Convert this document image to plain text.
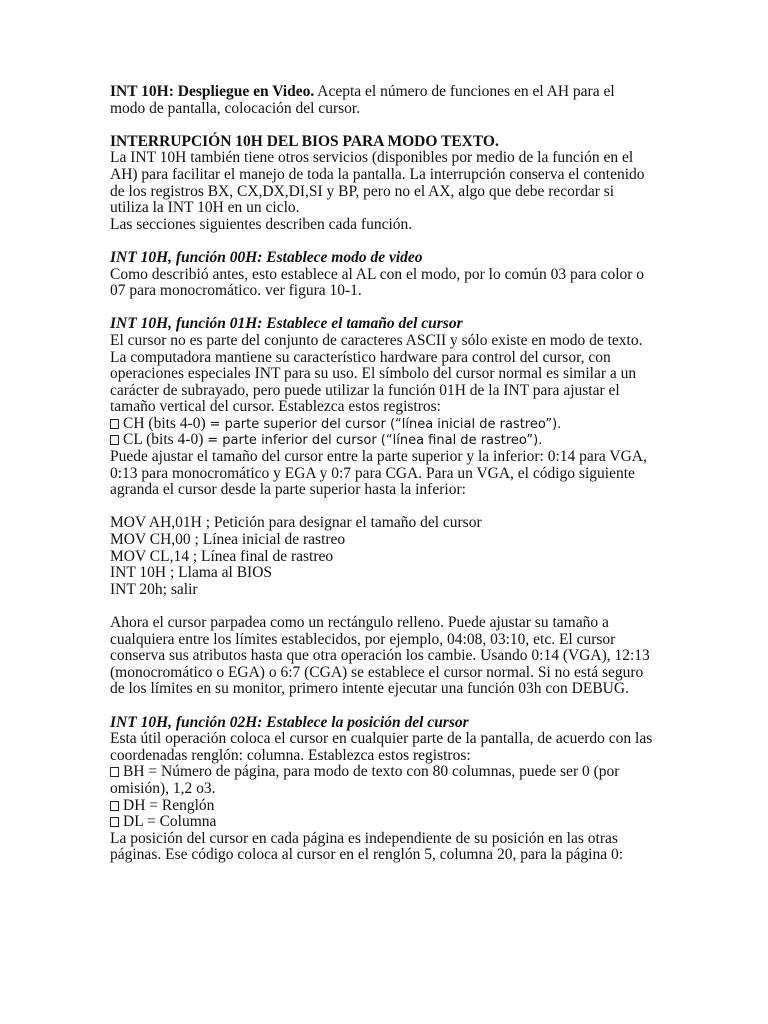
INT 10H: Despliegue en Video. Acepta el número de funciones en el AH para el
modo de pantalla, colocación del cursor.
INTERRUPCIÓN 10H DEL BIOS PARA MODO TEXTO.
La INT 10H también tiene otros servicios (disponibles por medio de la función en el
AH) para facilitar el manejo de toda la pantalla. La interrupción conserva el contenido
de los registros BX, CX,DX,DI,SI y BP, pero no el AX, algo que debe recordar si
utiliza la INT 10H en un ciclo.
Las secciones siguientes describen cada función.
INT 10H, función 00H: Establece modo de video
Como describió antes, esto establece al AL con el modo, por lo común 03 para color o
07 para monocromático. ver figura 10-1.
INT 10H, función 01H: Establece el tamaño del cursor
El cursor no es parte del conjunto de caracteres ASCII y sólo existe en modo de texto.
La computadora mantiene su característico hardware para control del cursor, con
operaciones especiales INT para su uso. El símbolo del cursor normal es similar a un
carácter de subrayado, pero puede utilizar la función 01H de la INT para ajustar el
tamaño vertical del cursor. Establezca estos registros:
CH (bits 4-0) = parte superior del cursor (“línea inicial de rastreo”).
CL (bits 4-0) = parte inferior del cursor (“línea final de rastreo”).
Puede ajustar el tamaño del cursor entre la parte superior y la inferior: 0:14 para VGA,
0:13 para monocromático y EGA y 0:7 para CGA. Para un VGA, el código siguiente
agranda el cursor desde la parte superior hasta la inferior:
MOV AH,01H ; Petición para designar el tamaño del cursor
MOV CH,00 ; Línea inicial de rastreo
MOV CL,14 ; Línea final de rastreo
INT 10H ; Llama al BIOS
INT 20h; salir
Ahora el cursor parpadea como un rectángulo relleno. Puede ajustar su tamaño a
cualquiera entre los límites establecidos, por ejemplo, 04:08, 03:10, etc. El cursor
conserva sus atributos hasta que otra operación los cambie. Usando 0:14 (VGA), 12:13
(monocromático o EGA) o 6:7 (CGA) se establece el cursor normal. Si no está seguro
de los límites en su monitor, primero intente ejecutar una función 03h con DEBUG.
INT 10H, función 02H: Establece la posición del cursor
Esta útil operación coloca el cursor en cualquier parte de la pantalla, de acuerdo con las
coordenadas renglón: columna. Establezca estos registros:
BH = Número de página, para modo de texto con 80 columnas, puede ser 0 (por
omisión), 1,2 o3.
DH = Renglón
DL = Columna
La posición del cursor en cada página es independiente de su posición en las otras
páginas. Ese código coloca al cursor en el renglón 5, columna 20, para la página 0:
